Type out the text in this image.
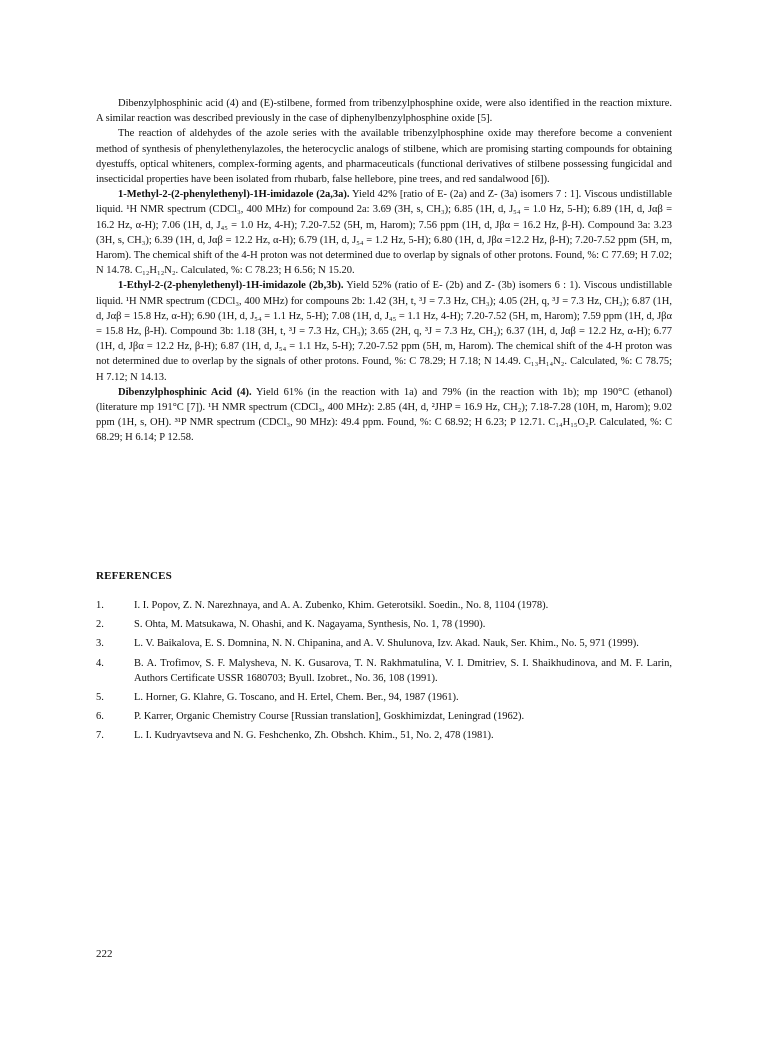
Dibenzylphosphinic acid (4) and (E)-stilbene, formed from tribenzylphosphine oxide, were also identified in the reaction mixture. A similar reaction was described previously in the case of diphenylbenzylphosphine oxide [5].

The reaction of aldehydes of the azole series with the available tribenzylphosphine oxide may therefore become a convenient method of synthesis of phenylethenylazoles, the heterocyclic analogs of stilbene, which are promising starting compounds for obtaining dyestuffs, optical whiteners, complex-forming agents, and pharmaceuticals (functional derivatives of stilbene possessing fungicidal and insecticidal properties have been isolated from rhubarb, false hellebore, pine trees, and red sandalwood [6]).

1-Methyl-2-(2-phenylethenyl)-1H-imidazole (2a,3a). Yield 42% [ratio of E- (2a) and Z- (3a) isomers 7 : 1]. Viscous undistillable liquid. ¹H NMR spectrum (CDCl₃, 400 MHz) for compound 2a: 3.69 (3H, s, CH₃); 6.85 (1H, d, J₅₄ = 1.0 Hz, 5-H); 6.89 (1H, d, Jαβ = 16.2 Hz, α-H); 7.06 (1H, d, J₄₅ = 1.0 Hz, 4-H); 7.20-7.52 (5H, m, Harom); 7.56 ppm (1H, d, Jβα = 16.2 Hz, β-H). Compound 3a: 3.23 (3H, s, CH₃); 6.39 (1H, d, Jαβ = 12.2 Hz, α-H); 6.79 (1H, d, J₅₄ = 1.2 Hz, 5-H); 6.80 (1H, d, Jβα =12.2 Hz, β-H); 7.20-7.52 ppm (5H, m, Harom). The chemical shift of the 4-H proton was not determined due to overlap by signals of other protons. Found, %: C 77.69; H 7.02; N 14.78. C₁₂H₁₂N₂. Calculated, %: C 78.23; H 6.56; N 15.20.

1-Ethyl-2-(2-phenylethenyl)-1H-imidazole (2b,3b). Yield 52% (ratio of E- (2b) and Z- (3b) isomers 6 : 1). Viscous undistillable liquid. ¹H NMR spectrum (CDCl₃, 400 MHz) for compouns 2b: 1.42 (3H, t, ³J = 7.3 Hz, CH₃); 4.05 (2H, q, ³J = 7.3 Hz, CH₂); 6.87 (1H, d, Jαβ = 15.8 Hz, α-H); 6.90 (1H, d, J₅₄ = 1.1 Hz, 5-H); 7.08 (1H, d, J₄₅ = 1.1 Hz, 4-H); 7.20-7.52 (5H, m, Harom); 7.59 ppm (1H, d, Jβα = 15.8 Hz, β-H). Compound 3b: 1.18 (3H, t, ³J = 7.3 Hz, CH₃); 3.65 (2H, q, ³J = 7.3 Hz, CH₂); 6.37 (1H, d, Jαβ = 12.2 Hz, α-H); 6.77 (1H, d, Jβα = 12.2 Hz, β-H); 6.87 (1H, d, J₅₄ = 1.1 Hz, 5-H); 7.20-7.52 ppm (5H, m, Harom). The chemical shift of the 4-H proton was not determined due to overlap by the signals of other protons. Found, %: C 78.29; H 7.18; N 14.49. C₁₃H₁₄N₂. Calculated, %: C 78.75; H 7.12; N 14.13.

Dibenzylphosphinic Acid (4). Yield 61% (in the reaction with 1a) and 79% (in the reaction with 1b); mp 190°C (ethanol) (literature mp 191°C [7]). ¹H NMR spectrum (CDCl₃, 400 MHz): 2.85 (4H, d, ²JHP = 16.9 Hz, CH₂); 7.18-7.28 (10H, m, Harom); 9.02 ppm (1H, s, OH). ³¹P NMR spectrum (CDCl₃, 90 MHz): 49.4 ppm. Found, %: C 68.92; H 6.23; P 12.71. C₁₄H₁₅O₂P. Calculated, %: C 68.29; H 6.14; P 12.58.

REFERENCES
1.	I. I. Popov, Z. N. Narezhnaya, and A. A. Zubenko, Khim. Geterotsikl. Soedin., No. 8, 1104 (1978).
2.	S. Ohta, M. Matsukawa, N. Ohashi, and K. Nagayama, Synthesis, No. 1, 78 (1990).
3.	L. V. Baikalova, E. S. Domnina, N. N. Chipanina, and A. V. Shulunova, Izv. Akad. Nauk, Ser. Khim., No. 5, 971 (1999).
4.	B. A. Trofimov, S. F. Malysheva, N. K. Gusarova, T. N. Rakhmatulina, V. I. Dmitriev, S. I. Shaikhudinova, and M. F. Larin, Authors Certificate USSR 1680703; Byull. Izobret., No. 36, 108 (1991).
5.	L. Horner, G. Klahre, G. Toscano, and H. Ertel, Chem. Ber., 94, 1987 (1961).
6.	P. Karrer, Organic Chemistry Course [Russian translation], Goskhimizdat, Leningrad (1962).
7.	L. I. Kudryavtseva and N. G. Feshchenko, Zh. Obshch. Khim., 51, No. 2, 478 (1981).
222
